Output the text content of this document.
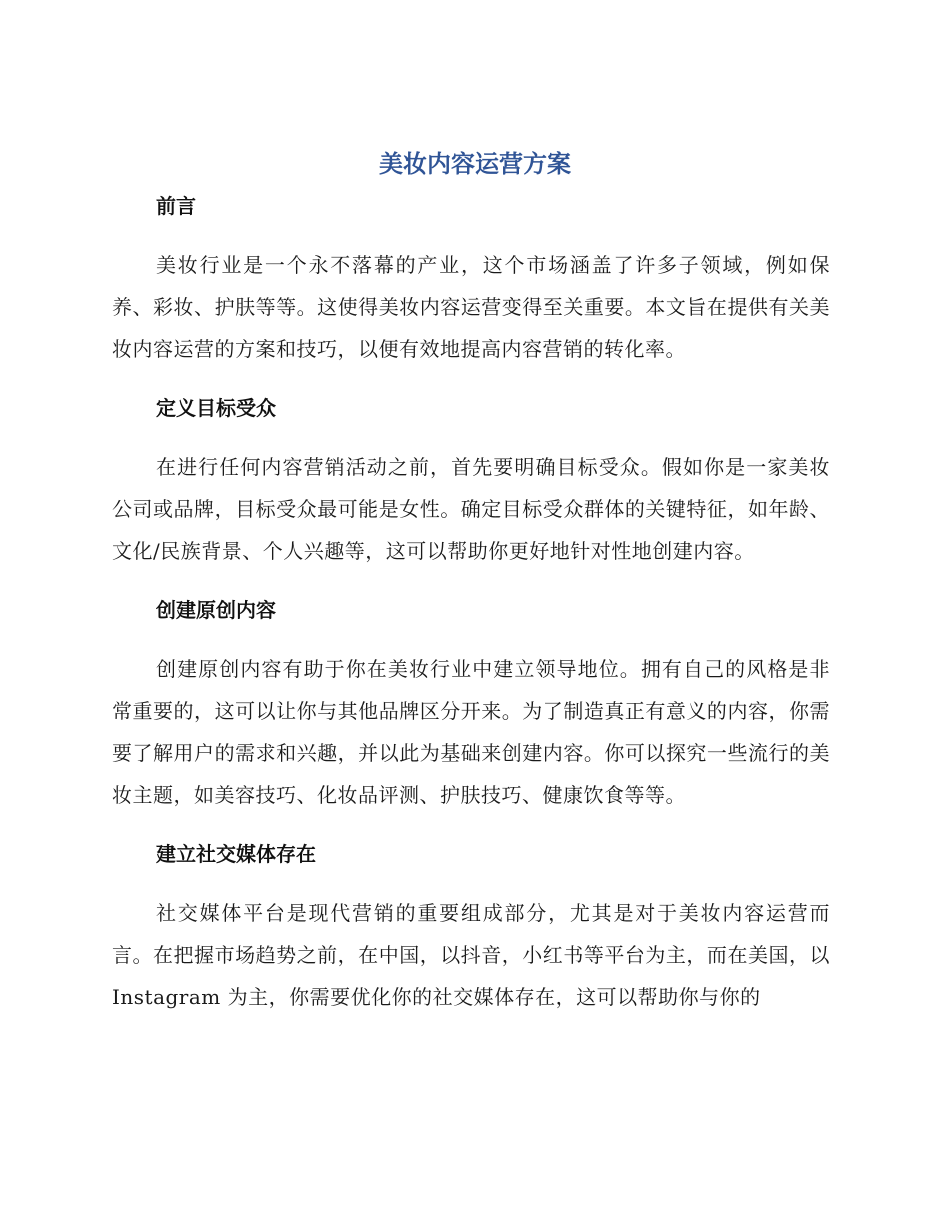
美妆内容运营方案
前言

美妆行业是一个永不落幕的产业，这个市场涵盖了许多子领域，例如保养、彩妆、护肤等等。这使得美妆内容运营变得至关重要。本文旨在提供有关美妆内容运营的方案和技巧，以便有效地提高内容营销的转化率。

定义目标受众

在进行任何内容营销活动之前，首先要明确目标受众。假如你是一家美妆公司或品牌，目标受众最可能是女性。确定目标受众群体的关键特征，如年龄、文化/民族背景、个人兴趣等，这可以帮助你更好地针对性地创建内容。

创建原创内容

创建原创内容有助于你在美妆行业中建立领导地位。拥有自己的风格是非常重要的，这可以让你与其他品牌区分开来。为了制造真正有意义的内容，你需要了解用户的需求和兴趣，并以此为基础来创建内容。你可以探究一些流行的美妆主题，如美容技巧、化妆品评测、护肤技巧、健康饮食等等。

建立社交媒体存在

社交媒体平台是现代营销的重要组成部分，尤其是对于美妆内容运营而言。在把握市场趋势之前，在中国，以抖音，小红书等平台为主，而在美国，以 Instagram 为主，你需要优化你的社交媒体存在，这可以帮助你与你的
